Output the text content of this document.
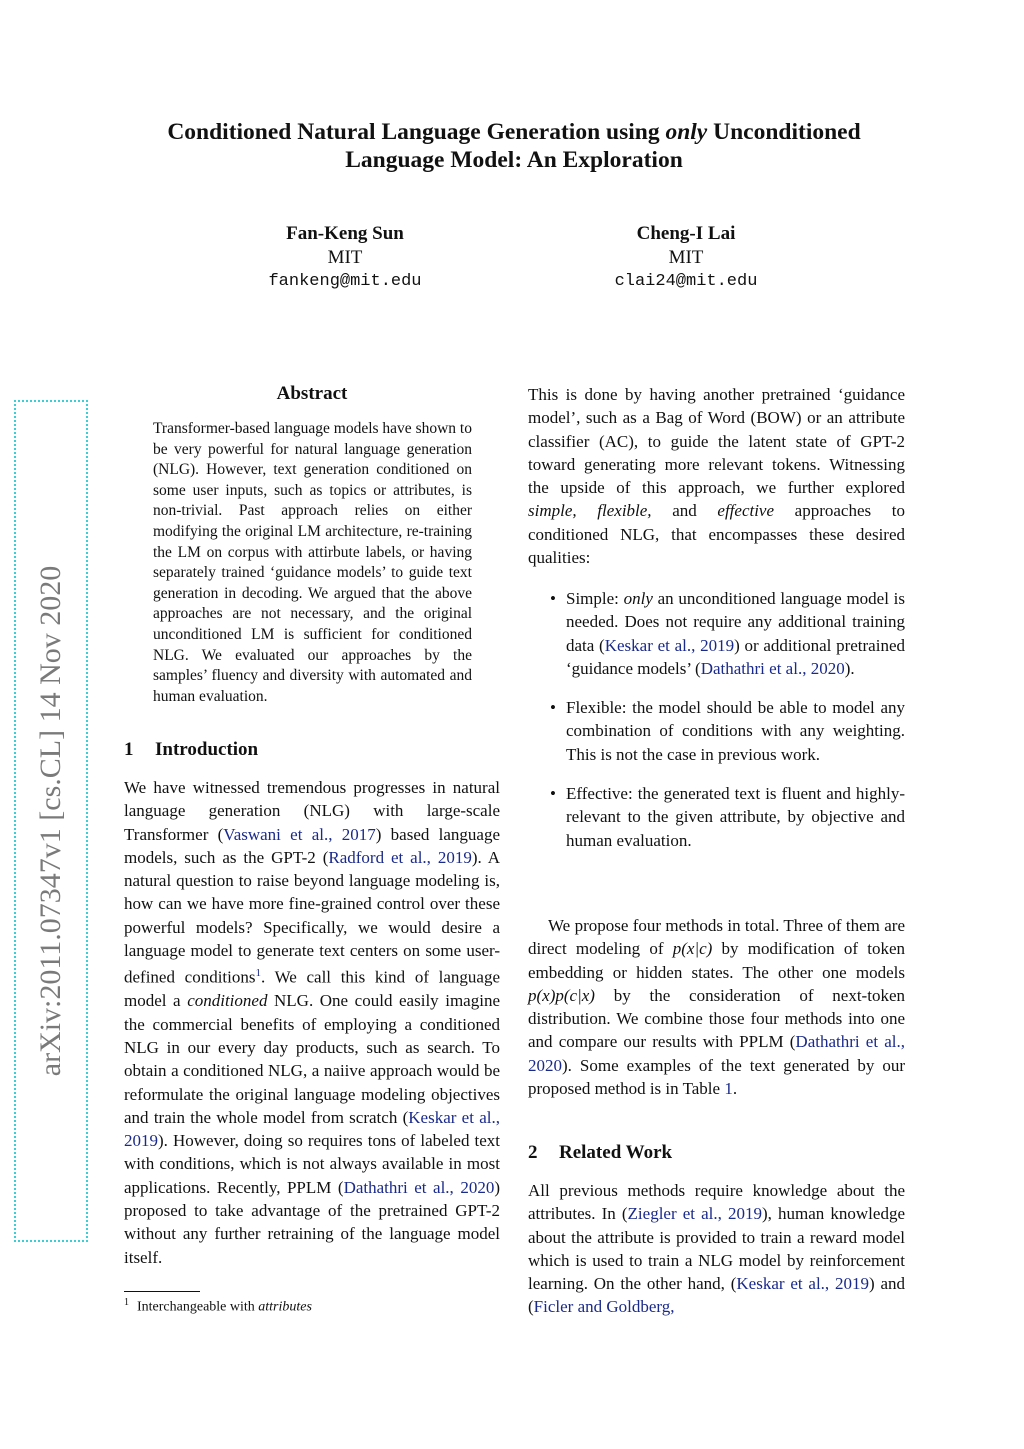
Conditioned Natural Language Generation using only Unconditioned
Language Model: An Exploration
Fan-Keng Sun
MIT
fankeng@mit.edu
Cheng-I Lai
MIT
clai24@mit.edu
arXiv:2011.07347v1 [cs.CL] 14 Nov 2020
Abstract
Transformer-based language models have shown to be very powerful for natural language generation (NLG). However, text generation conditioned on some user inputs, such as topics or attributes, is non-trivial. Past approach relies on either modifying the original LM architecture, re-training the LM on corpus with attirbute labels, or having separately trained ‘guidance models’ to guide text generation in decoding. We argued that the above approaches are not necessary, and the original unconditioned LM is sufficient for conditioned NLG. We evaluated our approaches by the samples’ fluency and diversity with automated and human evaluation.
1 Introduction
We have witnessed tremendous progresses in natural language generation (NLG) with large-scale Transformer (Vaswani et al., 2017) based language models, such as the GPT-2 (Radford et al., 2019). A natural question to raise beyond language modeling is, how can we have more fine-grained control over these powerful models? Specifically, we would desire a language model to generate text centers on some user-defined conditions$^1$. We call this kind of language model a conditioned NLG. One could easily imagine the commercial benefits of employing a conditioned NLG in our every day products, such as search. To obtain a conditioned NLG, a naiive approach would be reformulate the original language modeling objectives and train the whole model from scratch (Keskar et al., 2019). However, doing so requires tons of labeled text with conditions, which is not always available in most applications. Recently, PPLM (Dathathri et al., 2020) proposed to take advantage of the pretrained GPT-2 without any further retraining of the language model itself.
$^1$ Interchangeable with attributes
This is done by having another pretrained ‘guidance model’, such as a Bag of Word (BOW) or an attribute classifier (AC), to guide the latent state of GPT-2 toward generating more relevant tokens. Witnessing the upside of this approach, we further explored simple, flexible, and effective approaches to conditioned NLG, that encompasses these desired qualities:
• Simple: only an unconditioned language model is needed. Does not require any additional training data (Keskar et al., 2019) or additional pretrained ‘guidance models’ (Dathathri et al., 2020).
• Flexible: the model should be able to model any combination of conditions with any weighting. This is not the case in previous work.
• Effective: the generated text is fluent and highly-relevant to the given attribute, by objective and human evaluation.
We propose four methods in total. Three of them are direct modeling of p(x|c) by modification of token embedding or hidden states. The other one models p(x)p(c|x) by the consideration of next-token distribution. We combine those four methods into one and compare our results with PPLM (Dathathri et al., 2020). Some examples of the text generated by our proposed method is in Table 1.
2 Related Work
All previous methods require knowledge about the attributes. In (Ziegler et al., 2019), human knowledge about the attribute is provided to train a reward model which is used to train a NLG model by reinforcement learning. On the other hand, (Keskar et al., 2019) and (Ficler and Goldberg,
